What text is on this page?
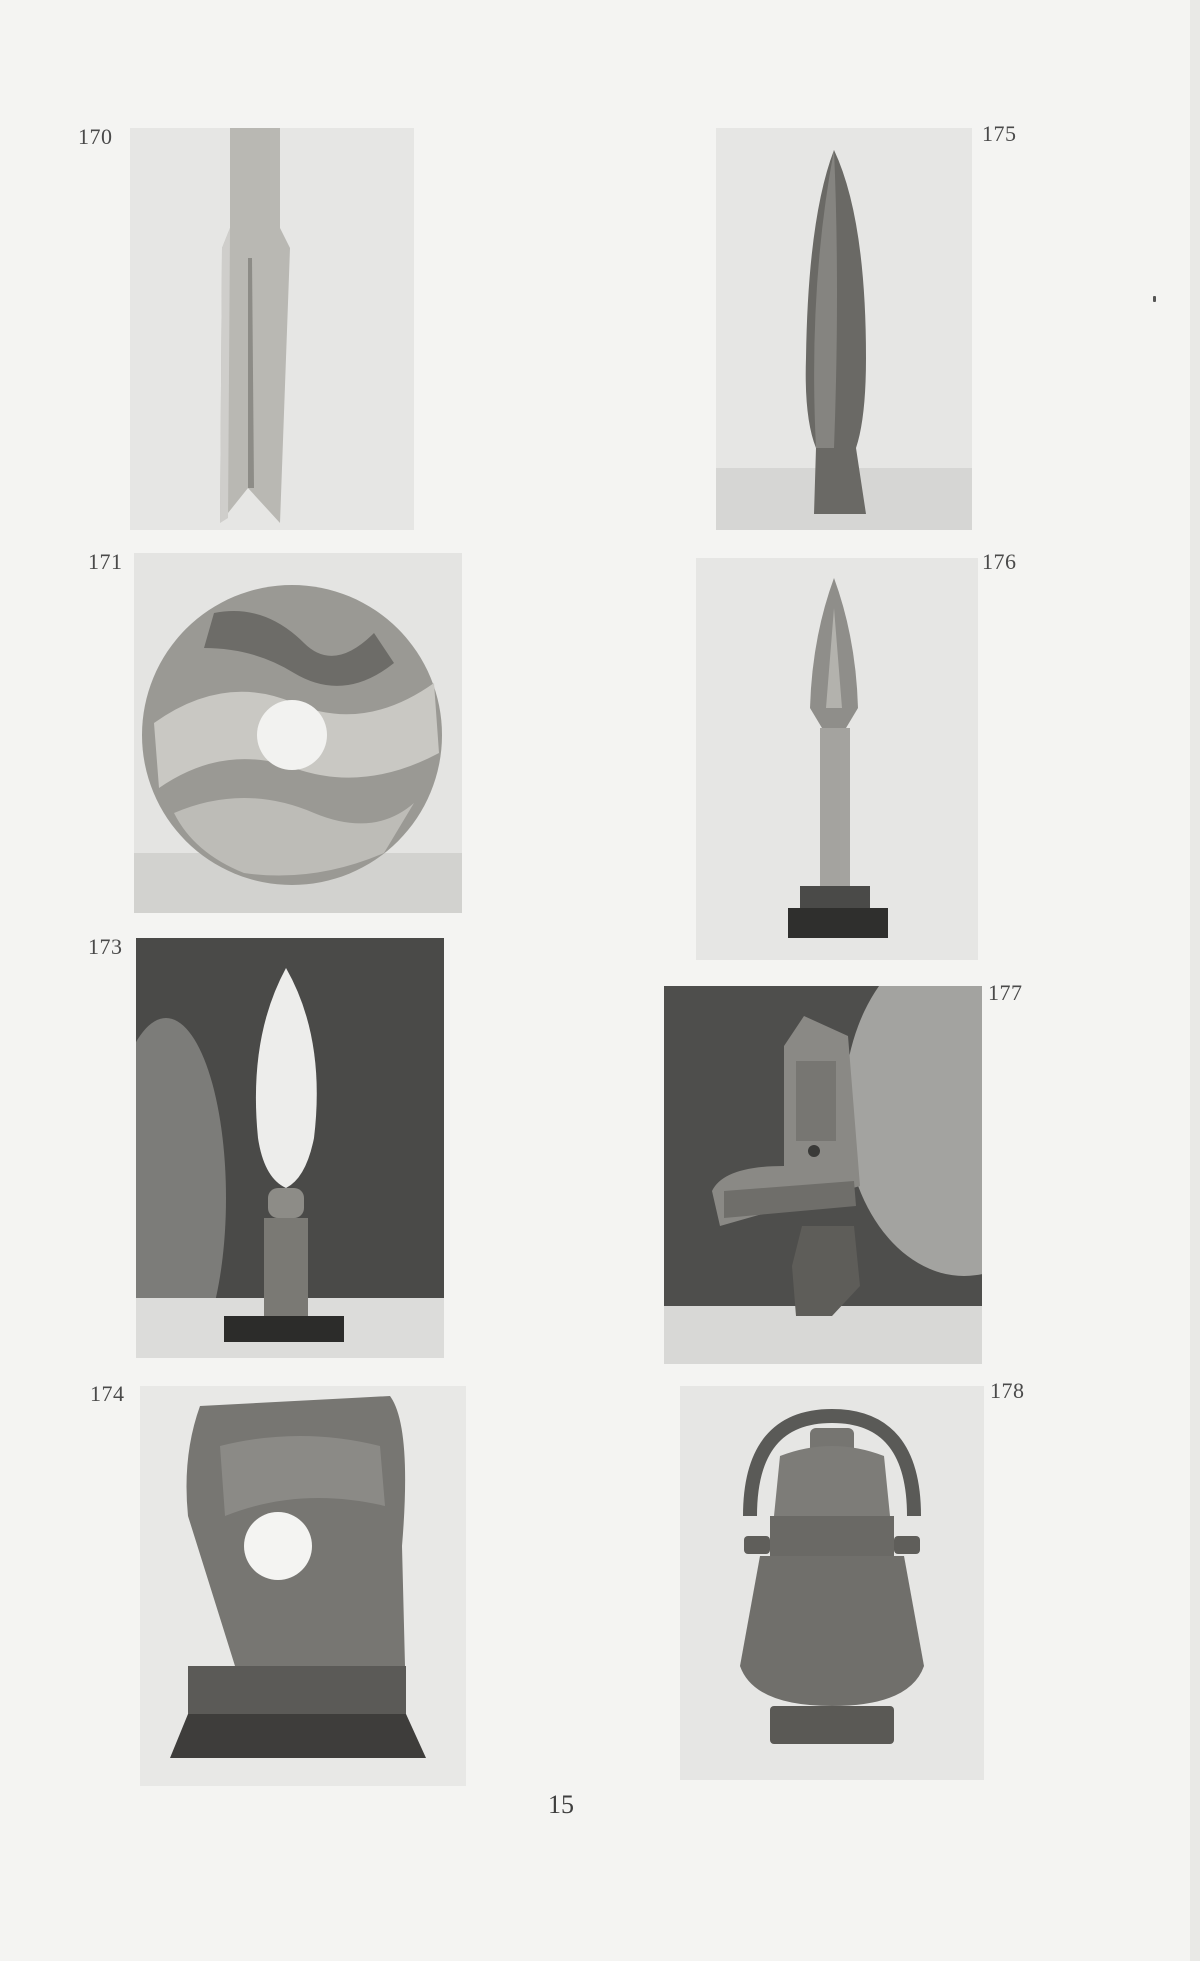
170
171
173
174
175
176
177
178
15
